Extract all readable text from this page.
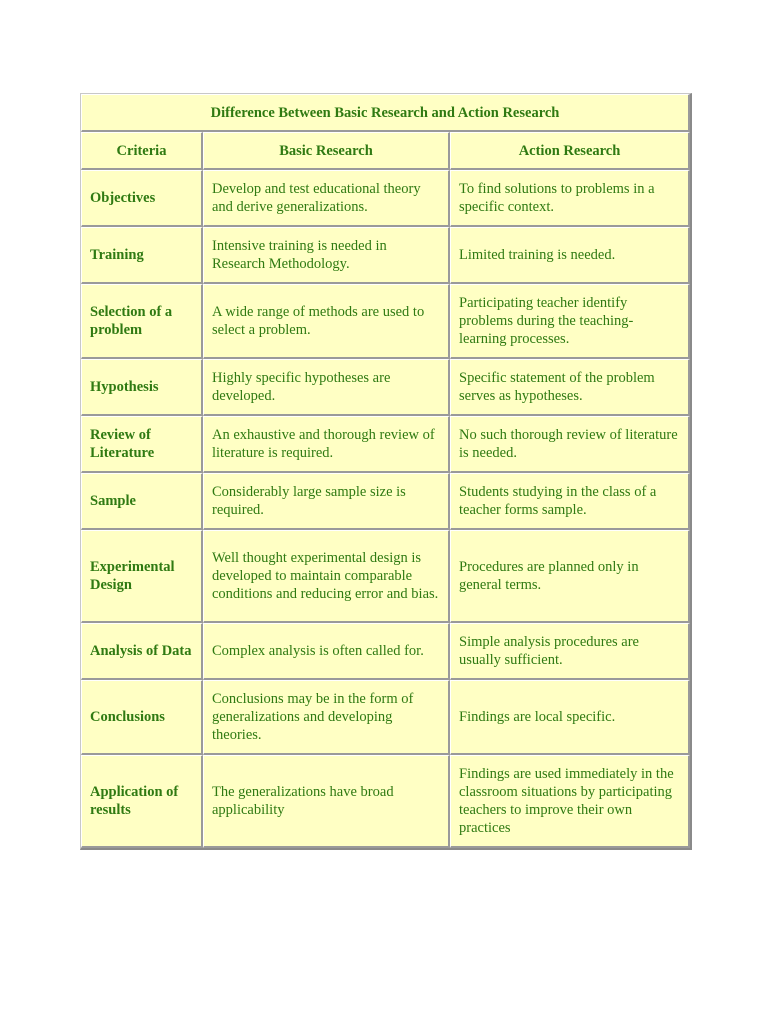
Difference Between Basic Research and Action Research		
Criteria	Basic Research	Action Research
Objectives	Develop and test educational theory and derive generalizations.	To find solutions to problems in a specific context.
Training	Intensive training is needed in Research Methodology.	Limited training is needed.
Selection of a problem	A wide range of methods are used to select a problem.	Participating teacher identify problems during the teaching-learning processes.
Hypothesis	Highly specific hypotheses are developed.	Specific statement of the problem serves as hypotheses.
Review of Literature	An exhaustive and thorough review of literature is required.	No such thorough review of literature is needed.
Sample	Considerably large sample size is required.	Students studying in the class of a teacher forms sample.
Experimental Design	Well thought experimental design is developed to maintain comparable conditions and reducing error and bias.	Procedures are planned only in general terms.
Analysis of Data	Complex analysis is often called for.	Simple analysis procedures are usually sufficient.
Conclusions	Conclusions may be in the form of generalizations and developing theories.	Findings are local specific.
Application of results	The generalizations have broad applicability	Findings are used immediately in the classroom situations by participating teachers to improve their own practices
